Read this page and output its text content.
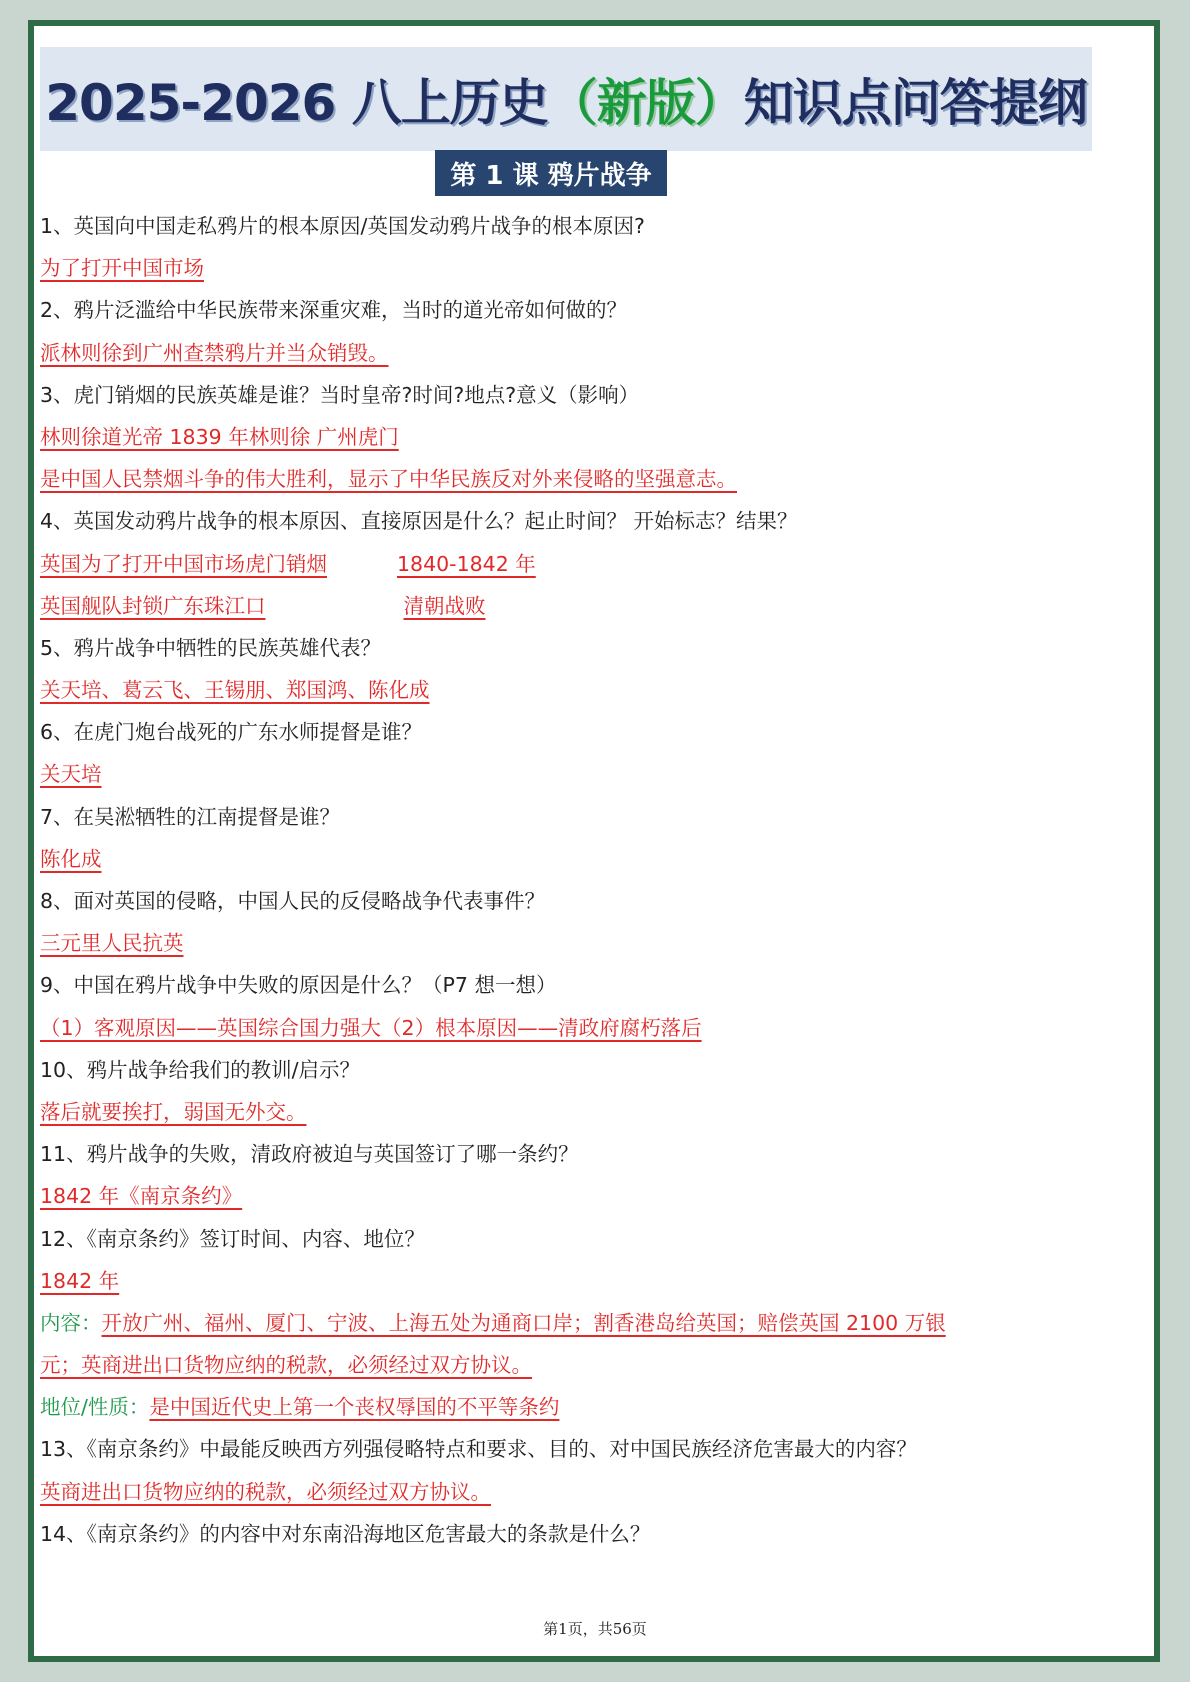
2025-2026 八上历史 （新版） 知识点问答提纲
第 1 课 鸦片战争
1、英国向中国走私鸦片的根本原因/英国发动鸦片战争的根本原因?
为了打开中国市场
2、鸦片泛滥给中华民族带来深重灾难，当时的道光帝如何做的？
派林则徐到广州查禁鸦片并当众销毁。
3、虎门销烟的民族英雄是谁？当时皇帝?时间?地点?意义（影响）
林则徐道光帝 1839 年林则徐 广州虎门
是中国人民禁烟斗争的伟大胜利，显示了中华民族反对外来侵略的坚强意志。
4、英国发动鸦片战争的根本原因、直接原因是什么？起止时间？ 开始标志？结果？
英国为了打开中国市场虎门销烟	1840-1842 年
英国舰队封锁广东珠江口	清朝战败
5、鸦片战争中牺牲的民族英雄代表？
关天培、葛云飞、王锡朋、郑国鸿、陈化成
6、在虎门炮台战死的广东水师提督是谁？
关天培
7、在吴淞牺牲的江南提督是谁？
陈化成
8、面对英国的侵略，中国人民的反侵略战争代表事件？
三元里人民抗英
9、中国在鸦片战争中失败的原因是什么？（P7 想一想）
（1）客观原因——英国综合国力强大（2）根本原因——清政府腐朽落后
10、鸦片战争给我们的教训/启示？
落后就要挨打，弱国无外交。
11、鸦片战争的失败，清政府被迫与英国签订了哪一条约？
1842 年《南京条约》
12、《南京条约》签订时间、内容、地位？
1842 年
内容：开放广州、福州、厦门、宁波、上海五处为通商口岸；割香港岛给英国；赔偿英国 2100 万银
元；英商进出口货物应纳的税款，必须经过双方协议。
地位/性质：是中国近代史上第一个丧权辱国的不平等条约
13、《南京条约》中最能反映西方列强侵略特点和要求、目的、对中国民族经济危害最大的内容？
英商进出口货物应纳的税款，必须经过双方协议。
14、《南京条约》的内容中对东南沿海地区危害最大的条款是什么？
第1页，共56页
